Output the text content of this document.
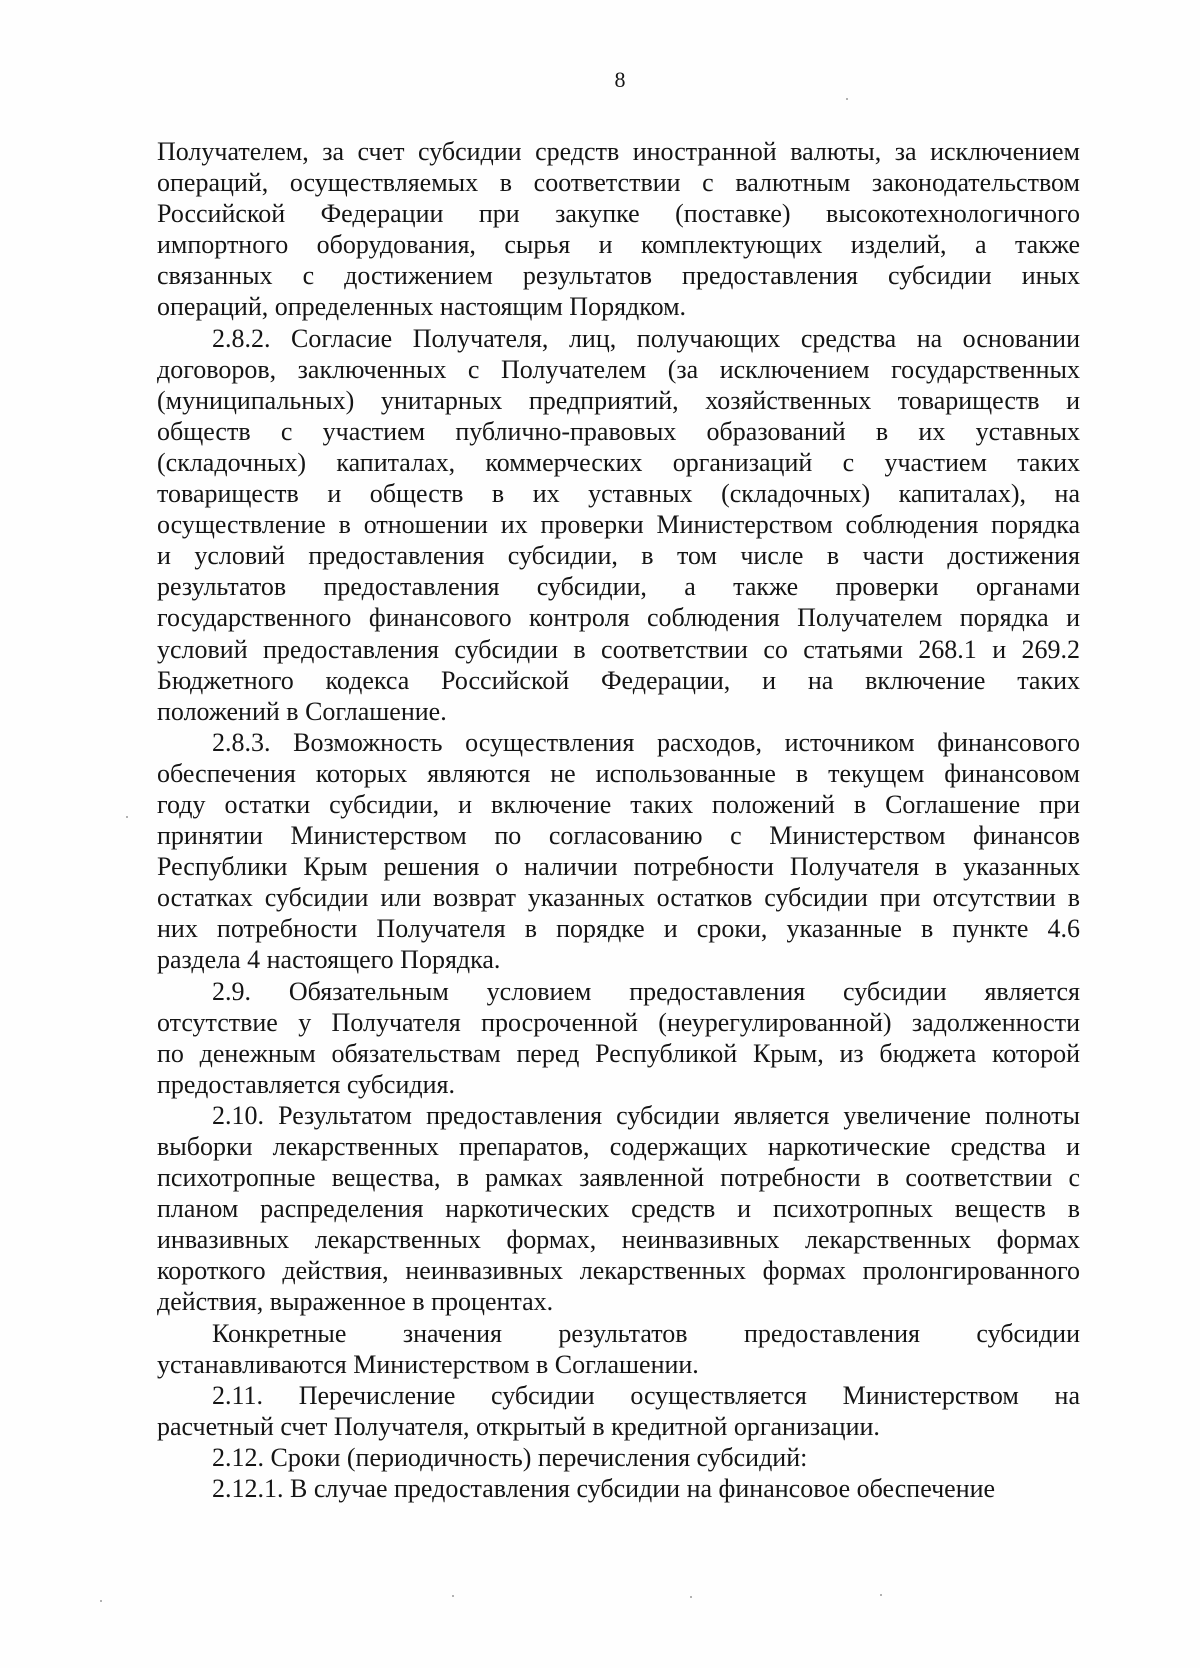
8

Получателем, за счет субсидии средств иностранной валюты, за исключением
операций, осуществляемых в соответствии с валютным законодательством
Российской Федерации при закупке (поставке) высокотехнологичного
импортного оборудования, сырья и комплектующих изделий, а также
связанных с достижением результатов предоставления субсидии иных
операций, определенных настоящим Порядком.

2.8.2. Согласие Получателя, лиц, получающих средства на основании
договоров, заключенных с Получателем (за исключением государственных
(муниципальных) унитарных предприятий, хозяйственных товариществ и
обществ с участием публично-правовых образований в их уставных
(складочных) капиталах, коммерческих организаций с участием таких
товариществ и обществ в их уставных (складочных) капиталах), на
осуществление в отношении их проверки Министерством соблюдения порядка
и условий предоставления субсидии, в том числе в части достижения
результатов предоставления субсидии, а также проверки органами
государственного финансового контроля соблюдения Получателем порядка и
условий предоставления субсидии в соответствии со статьями 268.1 и 269.2
Бюджетного кодекса Российской Федерации, и на включение таких
положений в Соглашение.

2.8.3. Возможность осуществления расходов, источником финансового
обеспечения которых являются не использованные в текущем финансовом
году остатки субсидии, и включение таких положений в Соглашение при
принятии Министерством по согласованию с Министерством финансов
Республики Крым решения о наличии потребности Получателя в указанных
остатках субсидии или возврат указанных остатков субсидии при отсутствии в
них потребности Получателя в порядке и сроки, указанные в пункте 4.6
раздела 4 настоящего Порядка.

2.9. Обязательным условием предоставления субсидии является
отсутствие у Получателя просроченной (неурегулированной) задолженности
по денежным обязательствам перед Республикой Крым, из бюджета которой
предоставляется субсидия.

2.10. Результатом предоставления субсидии является увеличение полноты
выборки лекарственных препаратов, содержащих наркотические средства и
психотропные вещества, в рамках заявленной потребности в соответствии с
планом распределения наркотических средств и психотропных веществ в
инвазивных лекарственных формах, неинвазивных лекарственных формах
короткого действия, неинвазивных лекарственных формах пролонгированного
действия, выраженное в процентах.

Конкретные значения результатов предоставления субсидии
устанавливаются Министерством в Соглашении.

2.11. Перечисление субсидии осуществляется Министерством на
расчетный счет Получателя, открытый в кредитной организации.

2.12. Сроки (периодичность) перечисления субсидий:

2.12.1. В случае предоставления субсидии на финансовое обеспечение
